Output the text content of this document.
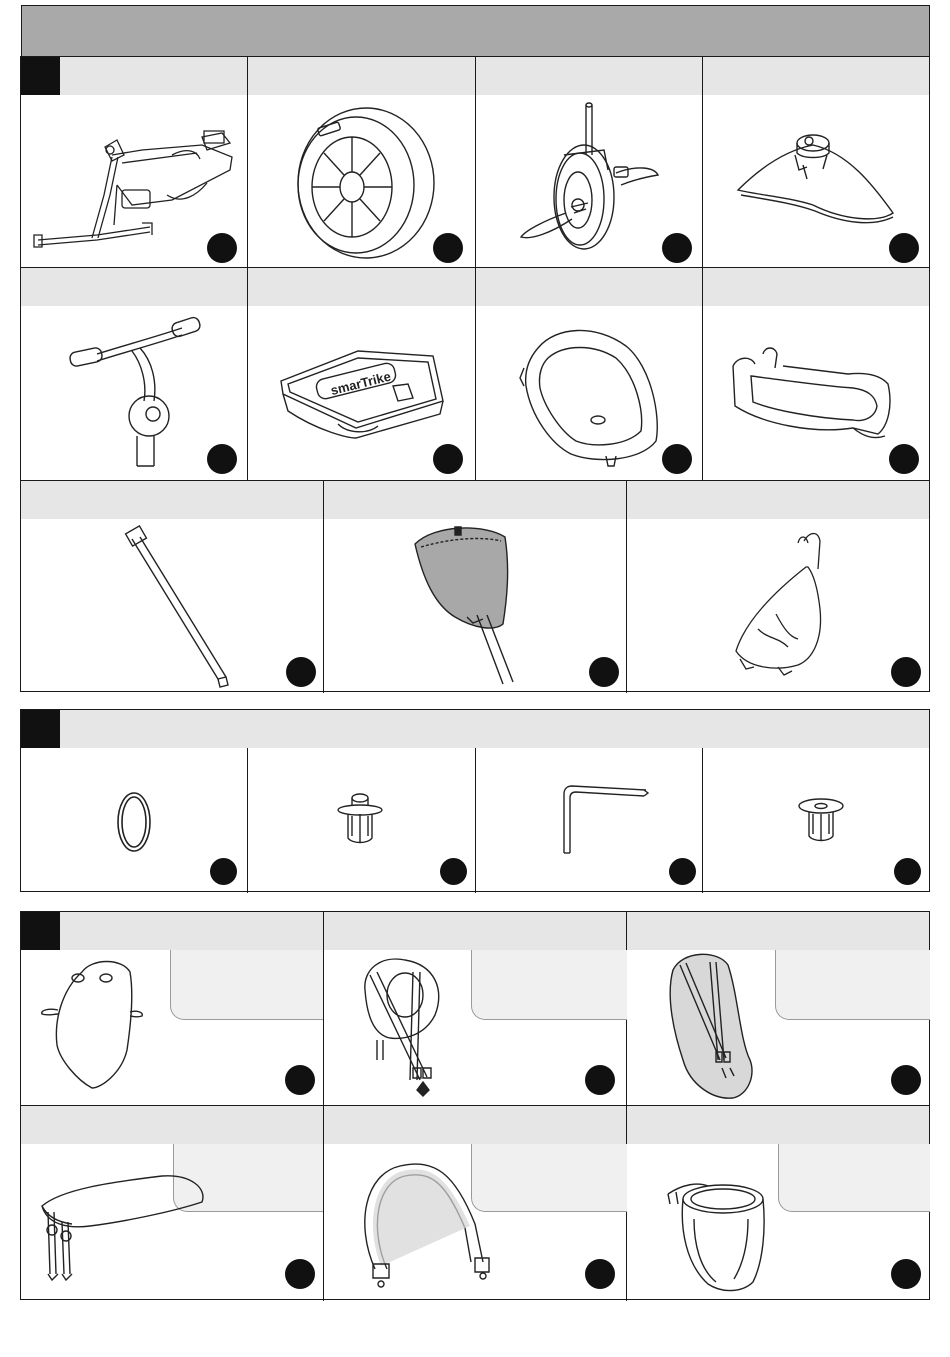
smarTrike
